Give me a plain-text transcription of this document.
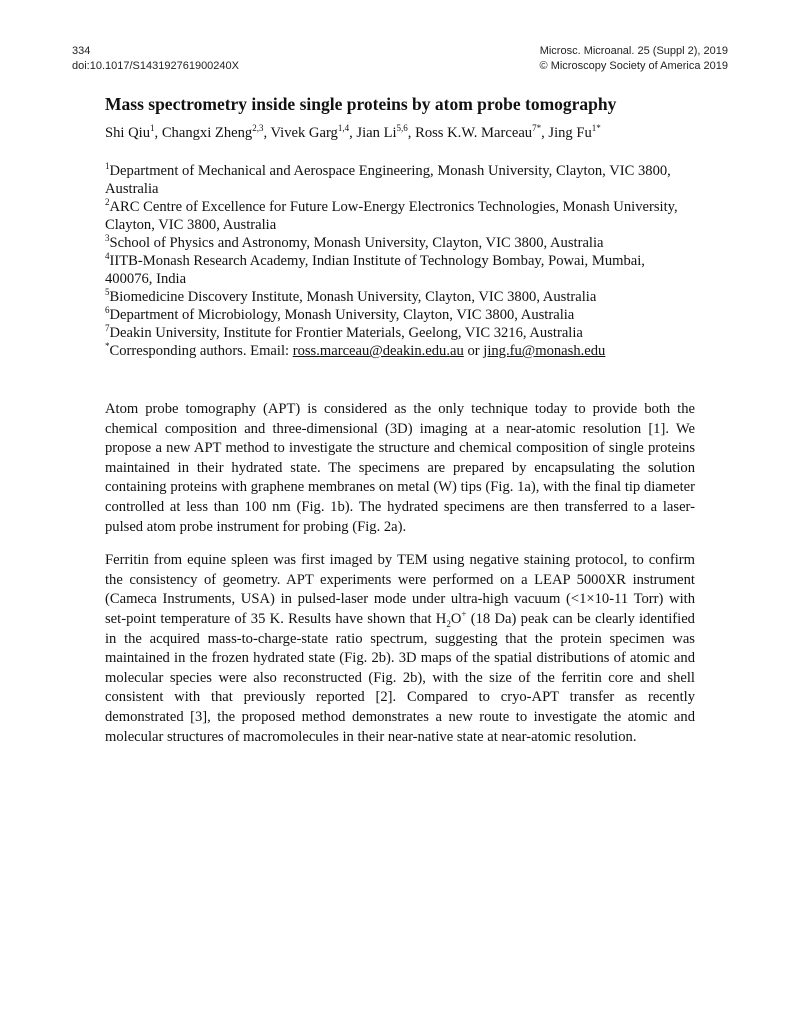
334
doi:10.1017/S143192761900240X
Microsc. Microanal. 25 (Suppl 2), 2019
© Microscopy Society of America 2019
Mass spectrometry inside single proteins by atom probe tomography
Shi Qiu$^1$, Changxi Zheng$^{2,3}$, Vivek Garg$^{1,4}$, Jian Li$^{5,6}$, Ross K.W. Marceau$^{7*}$, Jing $Fu^{1*}$
$^1$Department of Mechanical and Aerospace Engineering, Monash University, Clayton, VIC 3800, Australia
$^2$ARC Centre of Excellence for Future Low-Energy Electronics Technologies, Monash University, Clayton, VIC 3800, Australia
$^3$School of Physics and Astronomy, Monash University, Clayton, VIC 3800, Australia
$^4$IITB-Monash Research Academy, Indian Institute of Technology Bombay, Powai, Mumbai, 400076, India
$^5$Biomedicine Discovery Institute, Monash University, Clayton, VIC 3800, Australia
$^6$Department of Microbiology, Monash University, Clayton, VIC 3800, Australia
$^7$Deakin University, Institute for Frontier Materials, Geelong, VIC 3216, Australia
*Corresponding authors. Email: ross.marceau@deakin.edu.au or jing.fu@monash.edu

Atom probe tomography (APT) is considered as the only technique today to provide both the chemical composition and three-dimensional (3D) imaging at a near-atomic resolution [1]. We propose a new APT method to investigate the structure and chemical composition of single proteins maintained in their hydrated state. The specimens are prepared by encapsulating the solution containing proteins with graphene membranes on metal (W) tips (Fig. 1a), with the final tip diameter controlled at less than 100 nm (Fig. 1b). The hydrated specimens are then transferred to a laser-pulsed atom probe instrument for probing (Fig. 2a).

Ferritin from equine spleen was first imaged by TEM using negative staining protocol, to confirm the consistency of geometry. APT experiments were performed on a LEAP 5000XR instrument (Cameca Instruments, USA) in pulsed-laser mode under ultra-high vacuum (<1×10-11 Torr) with set-point temperature of 35 K. Results have shown that $H_2O^+$ (18 Da) peak can be clearly identified in the acquired mass-to-charge-state ratio spectrum, suggesting that the protein specimen was maintained in the frozen hydrated state (Fig. 2b). 3D maps of the spatial distributions of atomic and molecular species were also reconstructed (Fig. 2b), with the size of the ferritin core and shell consistent with that previously reported [2]. Compared to cryo-APT transfer as recently demonstrated [3], the proposed method demonstrates a new route to investigate the atomic and molecular structures of macromolecules in their near-native state at near-atomic resolution.
